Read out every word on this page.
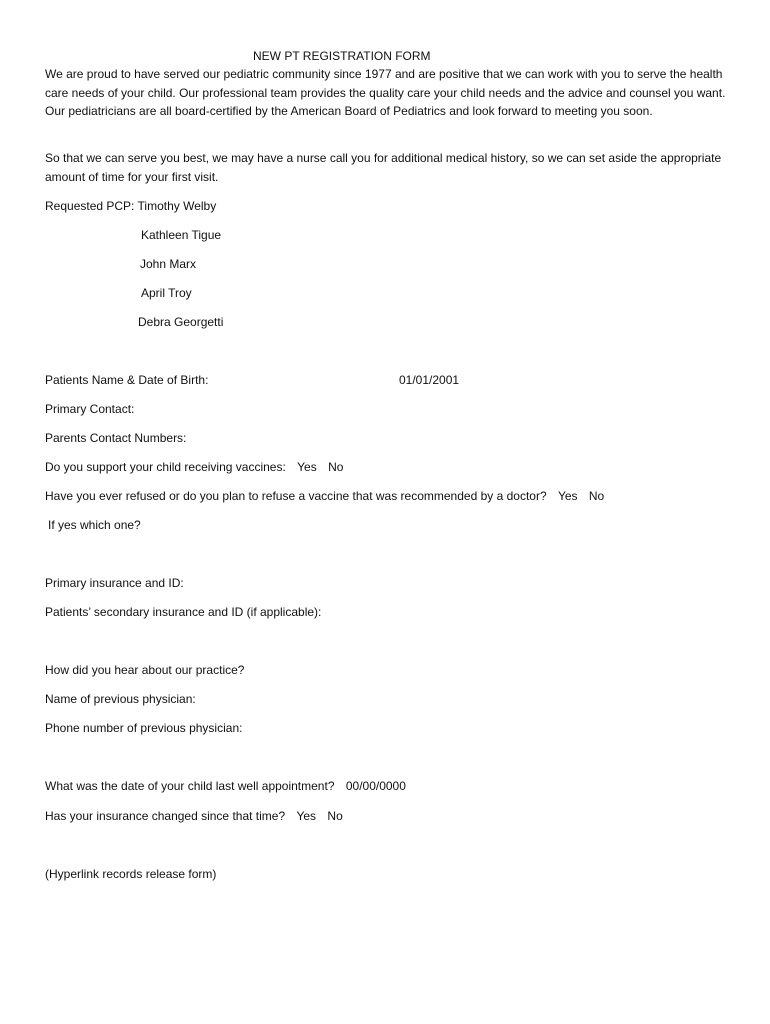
NEW PT REGISTRATION FORM
We are proud to have served our pediatric community since 1977 and are positive that we can work with you to serve the health care needs of your child. Our professional team provides the quality care your child needs and the advice and counsel you want. Our pediatricians are all board-certified by the American Board of Pediatrics and look forward to meeting you soon.
So that we can serve you best, we may have a nurse call you for additional medical history, so we can set aside the appropriate amount of time for your first visit.
Requested PCP: Timothy Welby
Kathleen Tigue
John Marx
April Troy
Debra Georgetti
Patients Name & Date of Birth:	01/01/2001
Primary Contact:
Parents Contact Numbers:
Do you support your child receiving vaccines: Yes No
Have you ever refused or do you plan to refuse a vaccine that was recommended by a doctor? Yes No
If yes which one?
Primary insurance and ID:
Patients’ secondary insurance and ID (if applicable):
How did you hear about our practice?
Name of previous physician:
Phone number of previous physician:
What was the date of your child last well appointment? 00/00/0000
Has your insurance changed since that time? Yes No
(Hyperlink records release form)
